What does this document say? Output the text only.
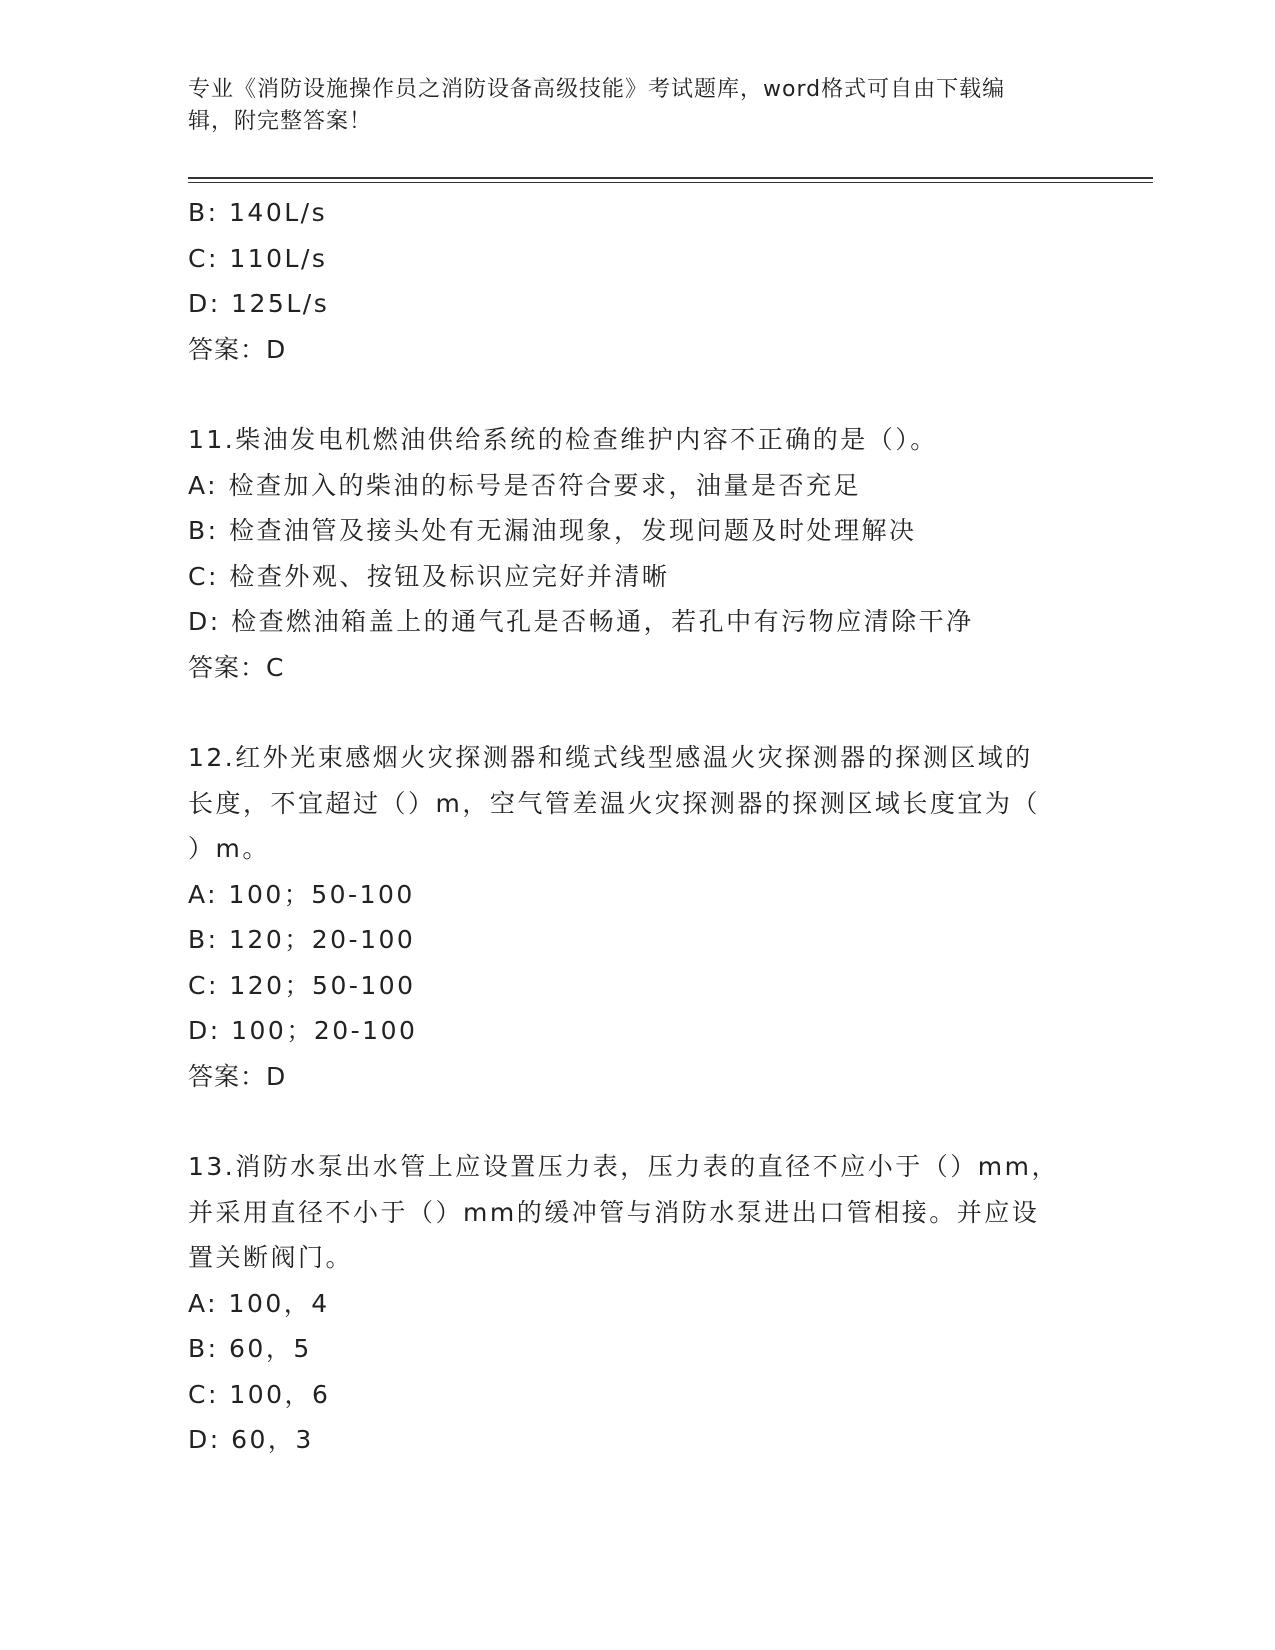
专业《消防设施操作员之消防设备高级技能》考试题库，word格式可自由下载编
辑，附完整答案！
B: 140L/s
C: 110L/s
D: 125L/s
答案：D
11.柴油发电机燃油供给系统的检查维护内容不正确的是（）。
A: 检查加入的柴油的标号是否符合要求，油量是否充足
B: 检查油管及接头处有无漏油现象，发现问题及时处理解决
C: 检查外观、按钮及标识应完好并清晰
D: 检查燃油箱盖上的通气孔是否畅通，若孔中有污物应清除干净
答案：C
12.红外光束感烟火灾探测器和缆式线型感温火灾探测器的探测区域的
长度，不宜超过（）m，空气管差温火灾探测器的探测区域长度宜为（
）m。
A: 100；50-100
B: 120；20-100
C: 120；50-100
D: 100；20-100
答案：D
13.消防水泵出水管上应设置压力表，压力表的直径不应小于（）mm，
并采用直径不小于（）mm的缓冲管与消防水泵进出口管相接。并应设
置关断阀门。
A: 100，4
B: 60，5
C: 100，6
D: 60，3
